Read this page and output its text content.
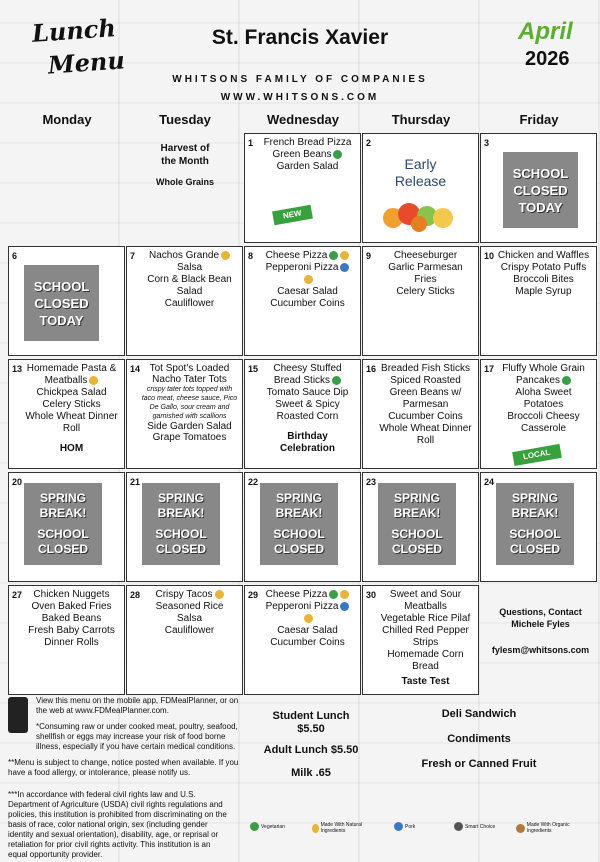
Lunch
Menu
St. Francis Xavier
WHITSONS FAMILY OF COMPANIES
WWW.WHITSONS.COM
April
2026
Monday	Tuesday	Wednesday	Thursday	Friday
Harvest of the Month
Whole Grains
1	French Bread Pizza
Green Beans
Garden Salad
NEW
2
Early
Release
3
SCHOOL
CLOSED
TODAY
6
SCHOOL
CLOSED
TODAY
7	Nachos Grande
Salsa
Corn & Black Bean Salad
Cauliflower
8	Cheese Pizza
Pepperoni Pizza
Caesar Salad
Cucumber Coins
9	Cheeseburger
Garlic Parmesan Fries
Celery Sticks
10 Chicken and Waffles
Crispy Potato Puffs
Broccoli Bites
Maple Syrup
13 Homemade Pasta & Meatballs
Chickpea Salad
Celery Sticks
Whole Wheat Dinner Roll
HOM
14 Tot Spot's Loaded Nacho Tater Tots
crispy tater tots topped with taco meat, cheese sauce, Pico De Gallo, sour cream and garnished with scallions
Side Garden Salad
Grape Tomatoes
15	Cheesy Stuffed Bread Sticks
Tomato Sauce Dip
Sweet & Spicy Roasted Corn
Birthday Celebration
16 Breaded Fish Sticks
Spiced Roasted Green Beans w/ Parmesan
Cucumber Coins
Whole Wheat Dinner Roll
17 Fluffy Whole Grain Pancakes
Aloha Sweet Potatoes
Broccoli Cheesy Casserole
LOCAL
20
SPRING
BREAK!
SCHOOL
CLOSED
21
SPRING
BREAK!
SCHOOL
CLOSED
22
SPRING
BREAK!
SCHOOL
CLOSED
23
SPRING
BREAK!
SCHOOL
CLOSED
24
SPRING
BREAK!
SCHOOL
CLOSED
27	Chicken Nuggets
Oven Baked Fries
Baked Beans
Fresh Baby Carrots
Dinner Rolls
28	Crispy Tacos
Seasoned Rice
Salsa
Cauliflower
29 Cheese Pizza
Pepperoni Pizza
Caesar Salad
Cucumber Coins
30	Sweet and Sour Meatballs
Vegetable Rice Pilaf
Chilled Red Pepper Strips
Homemade Corn Bread
Taste Test
Questions, Contact Michele Fyles
fylesm@whitsons.com
View this menu on the mobile app, FDMealPlanner, or on the web at www.FDMealPlanner.com.
*Consuming raw or under cooked meat, poultry, seafood, shellfish or eggs may increase your risk of food borne illness, especially if you have certain medical conditions.
**Menu is subject to change, notice posted when available. If you have a food allergy, or intolerance, please notify us.
***In accordance with federal civil rights law and U.S. Department of Agriculture (USDA) civil rights regulations and policies, this institution is prohibited from discriminating on the basis of race, color national origin, sex (including gender identity and sexual orientation), disability, age, or reprisal or retaliation for prior civil rights activity. This institution is an equal opportunity provider.
Student Lunch $5.50
Adult Lunch $5.50
Milk .65
Deli Sandwich
Condiments
Fresh or Canned Fruit
Vegetarian	Made With Natural Ingredients
Pork	Smart Choice	Made With Organic Ingredients
